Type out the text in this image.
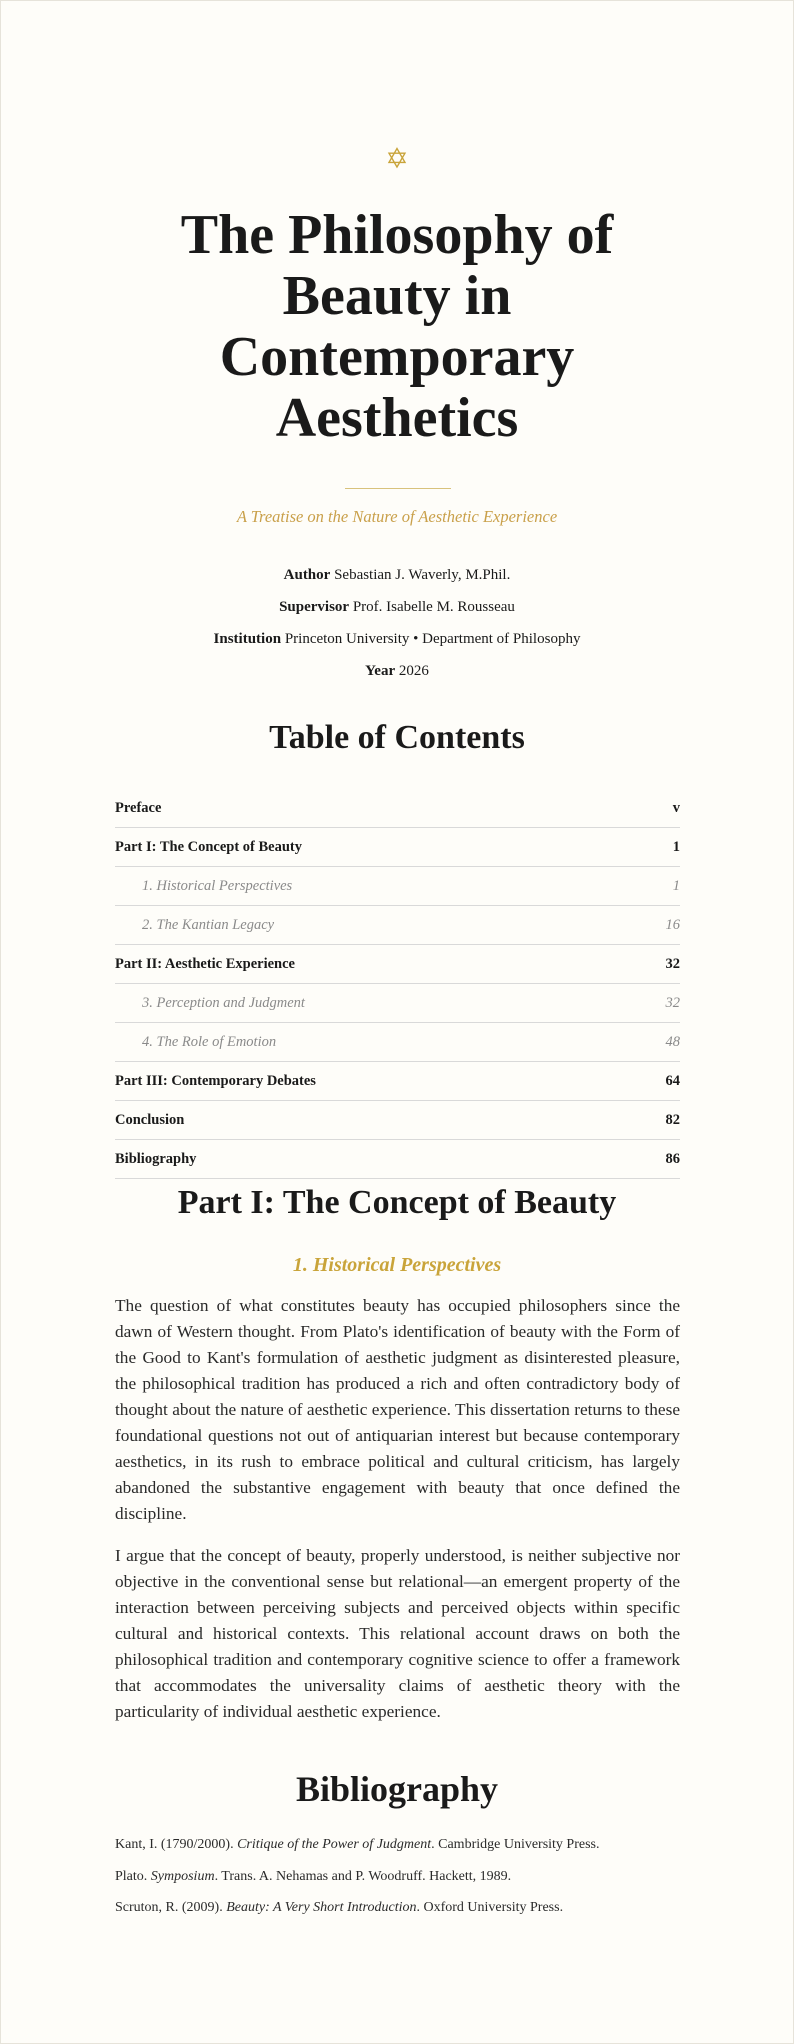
✡
The Philosophy of Beauty in Contemporary Aesthetics
A Treatise on the Nature of Aesthetic Experience
Author Sebastian J. Waverly, M.Phil.
Supervisor Prof. Isabelle M. Rousseau
Institution Princeton University • Department of Philosophy
Year 2026
Table of Contents
Preface	v
Part I: The Concept of Beauty	1
1. Historical Perspectives	1
2. The Kantian Legacy	16
Part II: Aesthetic Experience	32
3. Perception and Judgment	32
4. The Role of Emotion	48
Part III: Contemporary Debates	64
Conclusion	82
Bibliography	86
Part I: The Concept of Beauty
1. Historical Perspectives

The question of what constitutes beauty has occupied philosophers since the dawn of Western thought. From Plato's identification of beauty with the Form of the Good to Kant's formulation of aesthetic judgment as disinterested pleasure, the philosophical tradition has produced a rich and often contradictory body of thought about the nature of aesthetic experience. This dissertation returns to these foundational questions not out of antiquarian interest but because contemporary aesthetics, in its rush to embrace political and cultural criticism, has largely abandoned the substantive engagement with beauty that once defined the discipline.

I argue that the concept of beauty, properly understood, is neither subjective nor objective in the conventional sense but relational—an emergent property of the interaction between perceiving subjects and perceived objects within specific cultural and historical contexts. This relational account draws on both the philosophical tradition and contemporary cognitive science to offer a framework that accommodates the universality claims of aesthetic theory with the particularity of individual aesthetic experience.

Bibliography
Kant, I. (1790/2000). Critique of the Power of Judgment. Cambridge University Press.
Plato. Symposium. Trans. A. Nehamas and P. Woodruff. Hackett, 1989.
Scruton, R. (2009). Beauty: A Very Short Introduction. Oxford University Press.
